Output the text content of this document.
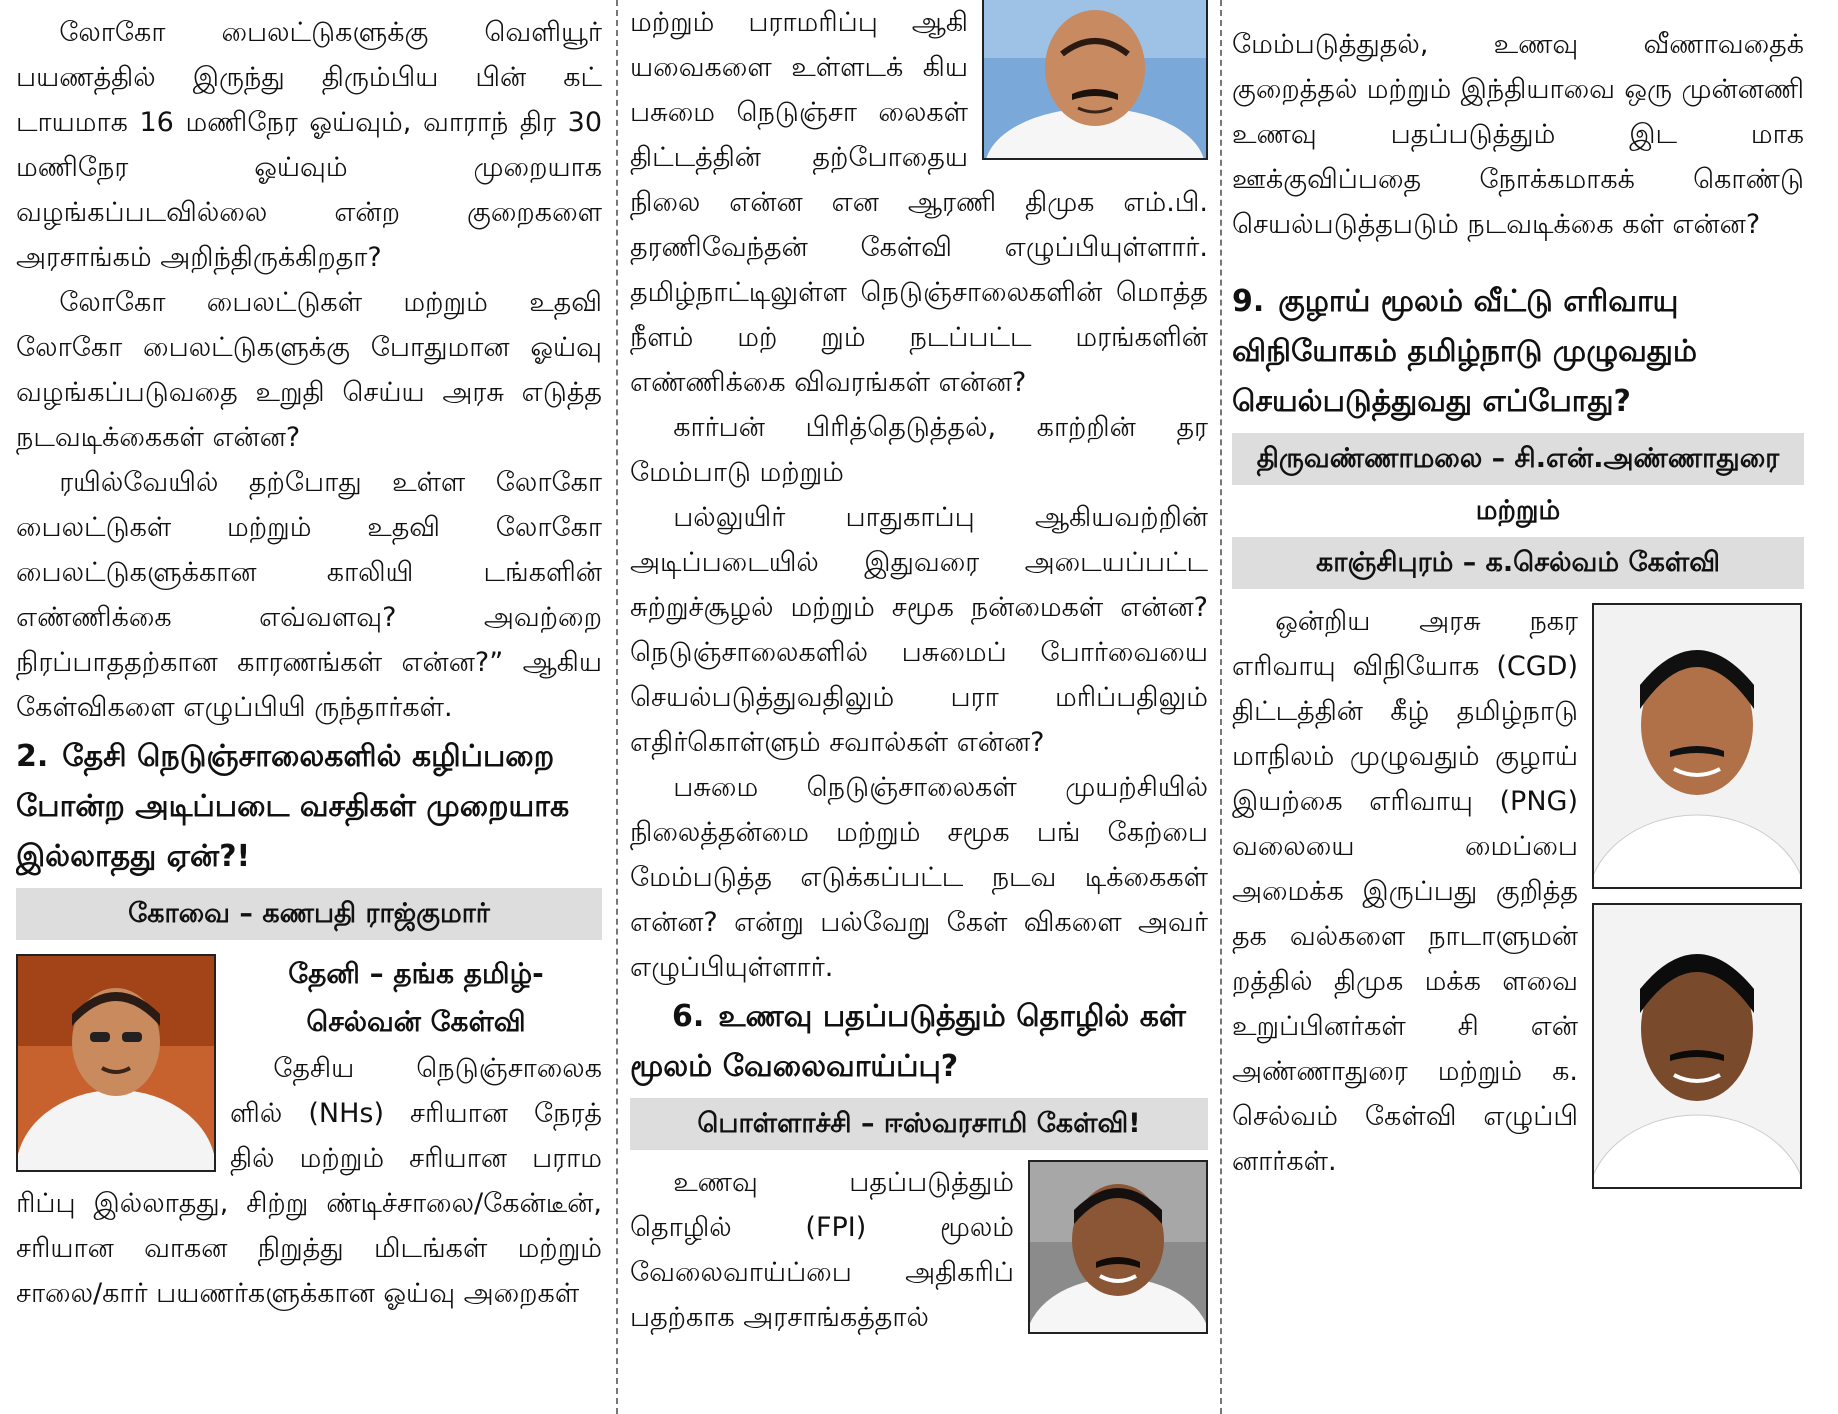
லோகோ பைலட்டுகளுக்கு வெளியூர் பயணத்தில் இருந்து திரும்பிய பின் கட் டாயமாக 16 மணிநேர ஓய்வும், வாராந் திர 30 மணிநேர ஓய்வும் முறையாக வழங்கப்படவில்லை என்ற குறைகளை அரசாங்கம் அறிந்திருக்கிறதா?

லோகோ பைலட்டுகள் மற்றும் உதவி லோகோ பைலட்டுகளுக்கு போதுமான ஓய்வு வழங்கப்படுவதை உறுதி செய்ய அரசு எடுத்த நடவடிக்கைகள் என்ன?

ரயில்வேயில் தற்போது உள்ள லோகோ பைலட்டுகள் மற்றும் உதவி லோகோ பைலட்டுகளுக்கான காலியி டங்களின் எண்ணிக்கை எவ்வளவு? அவற்றை நிரப்பாததற்கான காரணங்கள் என்ன?” ஆகிய கேள்விகளை எழுப்பியி ருந்தார்கள்.

2. தேசி நெடுஞ்சாலைகளில் கழிப்பறை போன்ற அடிப்படை வசதிகள் முறையாக இல்லாதது ஏன்?!
கோவை – கணபதி ராஜ்குமார்
தேனி – தங்க தமிழ்- செல்வன் கேள்வி

தேசிய நெடுஞ்சாலைக ளில் (NHs) சரியான நேரத் தில் மற்றும் சரியான பராம ரிப்பு இல்லாதது, சிற்று ண்டிச்சாலை/கேன்டீன், சரியான வாகன நிறுத்து மிடங்கள் மற்றும் சாலை/கார் பயணர்களுக்கான ஓய்வு அறைகள்

மற்றும் பராமரிப்பு ஆகி யவைகளை உள்ளடக் கிய பசுமை நெடுஞ்சா லைகள் திட்டத்தின் தற்போதைய நிலை என்ன என ஆரணி திமுக எம்.பி. தரணிவேந்தன் கேள்வி எழுப்பியுள்ளார். தமிழ்நாட்டிலுள்ள நெடுஞ்சாலைகளின் மொத்த நீளம் மற் றும் நடப்பட்ட மரங்களின் எண்ணிக்கை விவரங்கள் என்ன?

கார்பன் பிரித்தெடுத்தல், காற்றின் தர மேம்பாடு மற்றும்

பல்லுயிர் பாதுகாப்பு ஆகியவற்றின் அடிப்படையில் இதுவரை அடையப்பட்ட சுற்றுச்சூழல் மற்றும் சமூக நன்மைகள் என்ன? நெடுஞ்சாலைகளில் பசுமைப் போர்வையை செயல்படுத்துவதிலும் பரா மரிப்பதிலும் எதிர்கொள்ளும் சவால்கள் என்ன?

பசுமை நெடுஞ்சாலைகள் முயற்சியில் நிலைத்தன்மை மற்றும் சமூக பங் கேற்பை மேம்படுத்த எடுக்கப்பட்ட நடவ டிக்கைகள் என்ன? என்று பல்வேறு கேள் விகளை அவர் எழுப்பியுள்ளார்.

6. உணவு பதப்படுத்தும் தொழில் கள் மூலம் வேலைவாய்ப்பு?
பொள்ளாச்சி – ஈஸ்வரசாமி கேள்வி!

உணவு பதப்படுத்தும் தொழில் (FPI) மூலம் வேலைவாய்ப்பை அதிகரிப் பதற்காக அரசாங்கத்தால்

மேம்படுத்துதல், உணவு வீணாவதைக் குறைத்தல் மற்றும் இந்தியாவை ஒரு முன்னணி உணவு பதப்படுத்தும் இட மாக ஊக்குவிப்பதை நோக்கமாகக் கொண்டு செயல்படுத்தபடும் நடவடிக்கை கள் என்ன?

9. குழாய் மூலம் வீட்டு எரிவாயு விநியோகம் தமிழ்நாடு முழுவதும் செயல்படுத்துவது எப்போது?
திருவண்ணாமலை – சி.என்.அண்ணாதுரை
மற்றும்
காஞ்சிபுரம் – க.செல்வம் கேள்வி

ஒன்றிய அரசு நகர எரிவாயு விநியோக (CGD) திட்டத்தின் கீழ் தமிழ்நாடு மாநிலம் முழுவதும் குழாய் இயற்கை எரிவாயு (PNG) வலையை மைப்பை அமைக்க இருப்பது குறித்த தக வல்களை நாடாளுமன் றத்தில் திமுக மக்க ளவை உறுப்பினர்கள் சி என் அண்ணாதுரை மற்றும் க. செல்வம் கேள்வி எழுப்பி னார்கள்.
